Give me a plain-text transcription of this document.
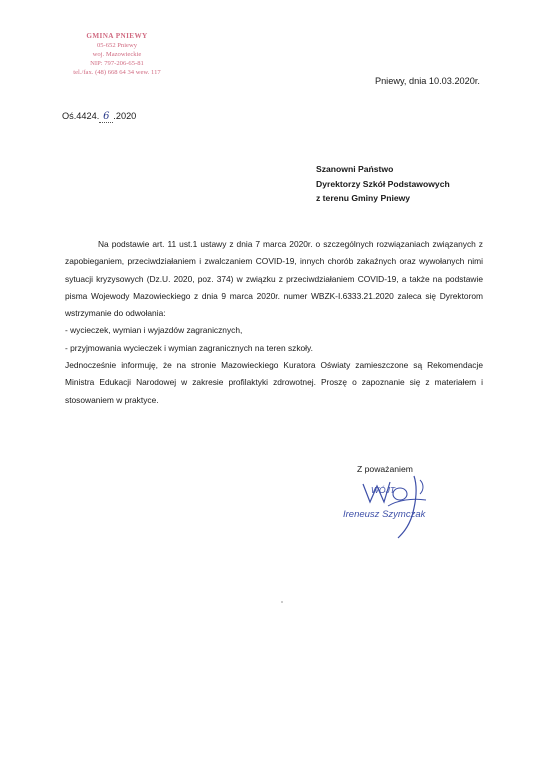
GMINA PNIEWY
05-652 Pniewy
woj. Mazowieckie
NIP: 797-206-65-81
tel./fax. (48) 668 64 34 wew. 117
Pniewy, dnia 10.03.2020r.
Oś.4424. 6 .2020
Szanowni Państwo
Dyrektorzy Szkół Podstawowych
z terenu Gminy Pniewy

Na podstawie art. 11 ust.1 ustawy z dnia 7 marca 2020r. o szczególnych rozwiązaniach związanych z zapobieganiem, przeciwdziałaniem i zwalczaniem COVID-19, innych chorób zakaźnych oraz wywołanych nimi sytuacji kryzysowych (Dz.U. 2020, poz. 374) w związku z przeciwdziałaniem COVID-19, a także na podstawie pisma Wojewody Mazowieckiego z dnia 9 marca 2020r. numer WBZK-I.6333.21.2020 zaleca się Dyrektorom wstrzymanie do odwołania:

- wycieczek, wymian i wyjazdów zagranicznych,

- przyjmowania wycieczek i wymian zagranicznych na teren szkoły.

Jednocześnie informuję, że na stronie Mazowieckiego Kuratora Oświaty zamieszczone są Rekomendacje Ministra Edukacji Narodowej w zakresie profilaktyki zdrowotnej. Proszę o zapoznanie się z materiałem i stosowaniem w praktyce.

Z poważaniem
WÓJT
Ireneusz Szymczak
